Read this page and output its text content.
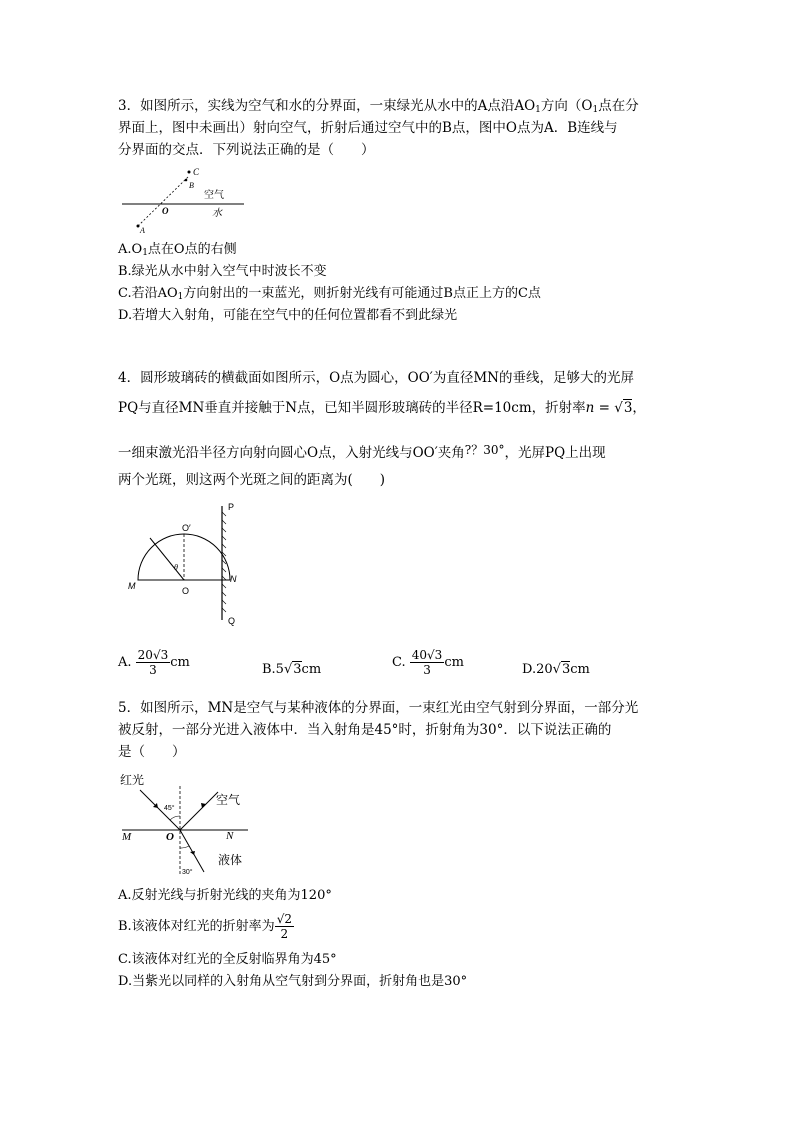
3．如图所示，实线为空气和水的分界面，一束绿光从水中的A点沿$AO_1$方向（$O_1$点在分
界面上，图中未画出）射向空气，折射后通过空气中的B点，图中O点为A．B连线与
分界面的交点．下列说法正确的是（　　）
C
B
O
A
空气
水
$A.O_1$点在O点的右侧
B.绿光从水中射入空气中时波长不变
C.若沿$AO_1$方向射出的一束蓝光，则折射光线有可能通过B点正上方的C点
D.若增大入射角，可能在空气中的任何位置都看不到此绿光
4．圆形玻璃砖的横截面如图所示，O点为圆心，OO′为直径MN的垂线，足够大的光屏
PQ与直径MN垂直并接触于N点，已知半圆形玻璃砖的半径R=10cm，折射率n = √3，
一细束激光沿半径方向射向圆心O点，入射光线与OO′夹角?？30°，光屏PQ上出现
两个光斑，则这两个光斑之间的距离为(　　)
P
Q
O′
θ
M
N
O
A. $\frac{20√3}{3}$ cm	B.5√3cm	C. $\frac{40√3}{3}$ cm	D.20√3cm
5．如图所示，MN是空气与某种液体的分界面，一束红光由空气射到分界面，一部分光
被反射，一部分光进入液体中．当入射角是45°时，折射角为30°．以下说法正确的
是（　　）
红光
空气
液体
M	O	N
45°
30°
A.反射光线与折射光线的夹角为120°
B.该液体对红光的折射率为 $\frac{√2}{2}$
C.该液体对红光的全反射临界角为45°
D.当紫光以同样的入射角从空气射到分界面，折射角也是30°
